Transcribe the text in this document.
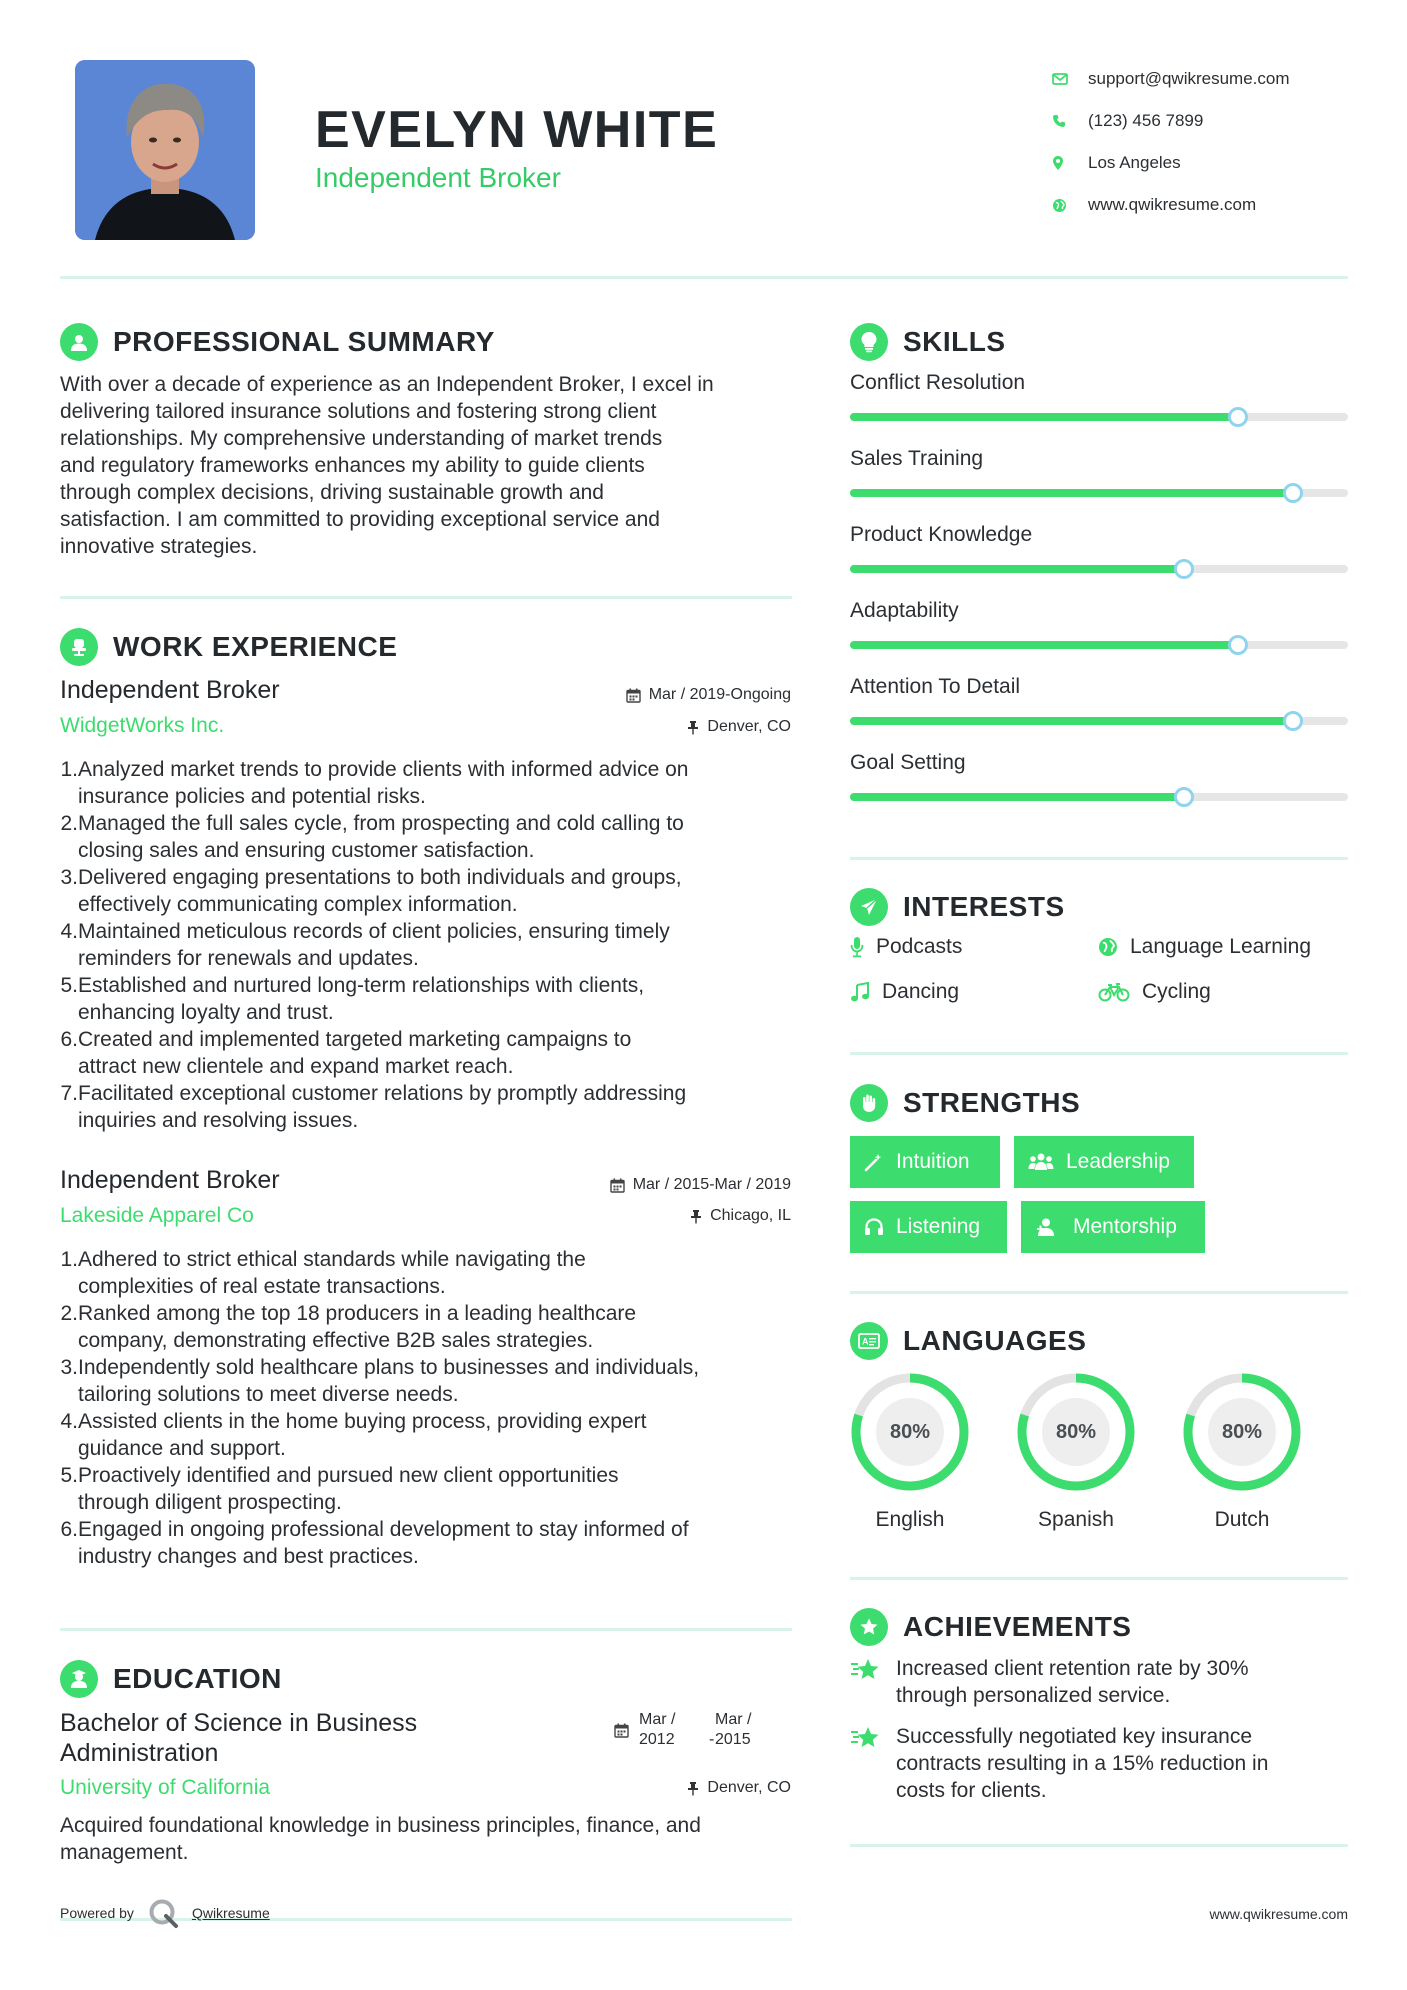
EVELYN WHITE
Independent Broker
support@qwikresume.com
(123) 456 7899
Los Angeles
www.qwikresume.com
PROFESSIONAL SUMMARY
With over a decade of experience as an Independent Broker, I excel in
delivering tailored insurance solutions and fostering strong client
relationships. My comprehensive understanding of market trends
and regulatory frameworks enhances my ability to guide clients
through complex decisions, driving sustainable growth and
satisfaction. I am committed to providing exceptional service and
innovative strategies.
WORK EXPERIENCE
Independent Broker	Mar / 2019-Ongoing
WidgetWorks Inc.	Denver, CO
1. Analyzed market trends to provide clients with informed advice on
insurance policies and potential risks.
2. Managed the full sales cycle, from prospecting and cold calling to
closing sales and ensuring customer satisfaction.
3. Delivered engaging presentations to both individuals and groups,
effectively communicating complex information.
4. Maintained meticulous records of client policies, ensuring timely
reminders for renewals and updates.
5. Established and nurtured long-term relationships with clients,
enhancing loyalty and trust.
6. Created and implemented targeted marketing campaigns to
attract new clientele and expand market reach.
7. Facilitated exceptional customer relations by promptly addressing
inquiries and resolving issues.
Independent Broker	Mar / 2015-Mar / 2019
Lakeside Apparel Co	Chicago, IL
1. Adhered to strict ethical standards while navigating the
complexities of real estate transactions.
2. Ranked among the top 18 producers in a leading healthcare
company, demonstrating effective B2B sales strategies.
3. Independently sold healthcare plans to businesses and individuals,
tailoring solutions to meet diverse needs.
4. Assisted clients in the home buying process, providing expert
guidance and support.
5. Proactively identified and pursued new client opportunities
through diligent prospecting.
6. Engaged in ongoing professional development to stay informed of
industry changes and best practices.
EDUCATION
Bachelor of Science in Business
Administration
Mar /
2012
Mar /
- 2015
University of California	Denver, CO
Acquired foundational knowledge in business principles, finance, and
management.
SKILLS
Conflict Resolution
Sales Training
Product Knowledge
Adaptability
Attention To Detail
Goal Setting
INTERESTS
Podcasts	Language Learning
Dancing	Cycling
STRENGTHS
Intuition	Leadership
Listening	Mentorship
A LANGUAGES
80%
English
80%
Spanish
80%
Dutch
ACHIEVEMENTS
Increased client retention rate by 30%
through personalized service.
Successfully negotiated key insurance
contracts resulting in a 15% reduction in
costs for clients.
Powered by	Qwikresume	www.qwikresume.com
